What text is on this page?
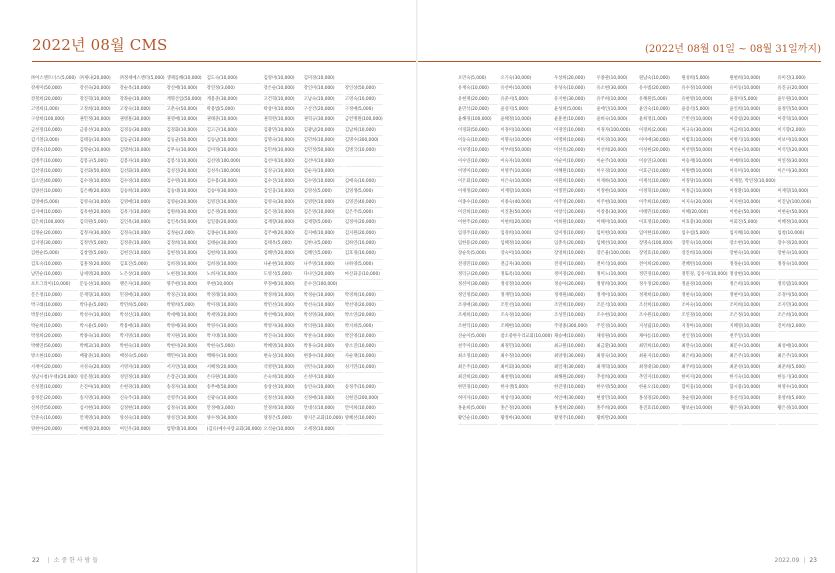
2022년 08월 CMS
㈜이스엔트너스(5,000) ㈜제나(20,000)	㈜정세에스엔터(5,000) 생체를해(10,000)	김도숙(10,000)	김영미(10,000)	김미경(10,000)
강세미(50,000)	강선숙(20,000)	강순옥(10,000)	강신애(10,000)	강연정(3,000)	강은순(10,000)	강인미(10,000)	강인상(50,000)
강철희(20,000)	강진혁(10,000)	강좌순(10,000)	계명산업(50,000)	계용준(30,000)	고건혁(10,000)	고남숙(10,000)	고영숙(10,000)
고영희(1,000)	고정희(10,000)	고창숙(10,000)	고춘숙(50,000)	곽용범(5,000)	곽상미(10,000)	구산건(20,000)	구정애(5,000)
구창희(100,000)	권민정(30,000)	권병훈(30,000)	권영애(10,000)	권태준(10,000)	권혁란(10,000)	권혁규(30,000)	금련병원(100,000)
금선정(10,000)	금중선(10,000)	김경동(30,000)	김경화(10,000)	김고근(10,000)	김광민(10,000)	김광남(20,000)	김남희(10,000)
김기철(3,000)	김태동(10,000)	김동균(10,000)	김동균(50,000)	김동남(10,000)	김명숙(10,000)	김민희(10,000)	김명수(300,000)
김명숙(10,000)	김명순(10,000)	김명희(10,000)	김무숙(10,000)	김미경(10,000)	김민희(10,000)	김민정(50,000)	김병국(10,000)
김병주(10,000)	김봉규(5,000)	김봉자(10,000)	김봉식(10,000)	김선영(100,000)	김선미(10,000)	김선미(10,000)
김선영(10,000)	김선화(50,000)	김선화(10,000)	김성진(20,000)	김성우(100,000)	김성규(10,000)	김순자(10,000)
김소연(40,000)	김수경(10,000)	김수경(10,000)	김수영(10,000)	김수용(30,000)	김수진(10,000)	김수영(10,000)	김애숙(10,000)
김양선(10,000)	김은혜(20,000)	김승희(10,000)	김승대(10,000)	김승미(30,000)	김연웅(10,000)	김영성(5,000)	김영생(5,000)
김영애(5,000)	김영숙(10,000)	김영애(10,000)	김영순(20,000)	김영진(10,000)	김영숙(30,000)	김영란(10,000)	김영진(40,000)
김지애(10,000)	김옥현(20,000)	김옥기(10,000)	김원희(30,000)	김은경(20,000)	김은경(10,000)	김은영(10,000)	김은주(5,000)
김은희(100,000)	김의원(5,000)	김인옥(30,000)	김인옥(50,000)	김일중(20,000)	김재향(30,000)	김재향(5,000)	김정미(20,000)
김정순(20,000)	김정자(30,000)	김정숙(10,000)	김정순(2,000)	김종순(10,000)	김주애(20,000)	김지애(10,000)	김지원(20,000)
김지영(30,000)	김정빈(5,000)	김정분(10,000)	김정희(10,000)	김태순(30,000)	김태옥(5,000)	김한나(5,000)	김하연(10,000)
김현순(5,000)	김창열(5,000)	김현진(10,000)	김현정(10,000)	김현희(10,000)	김혜빈(20,000)	김혜인(5,000)	김호경(10,000)
김호숙(10,000)	김홍정(20,000)	김효진(5,000)	김희경(10,000)	김희경(10,000)	나운현(10,000)	나주영(10,000)	나하영(5,000)
남민순(10,000)	남세영(20,000)	노은상(10,000)	노현철(10,000)	노희자(10,000)	도영석(5,000)	다나인(20,000)	마산화공(10,000)
포트그라이(10,000)	문동선(10,000)	맹은자(10,000)	명주현(10,000)	무현(10,000)	무정애(10,000)	문수진(100,000)
문은정(10,000)	문재형(10,000)	민경애(10,000)	박경근(10,000)	박경래(10,000)	박경희(10,000)	박경순(10,000)	박경희(10,000)
박구례(10,000)	박다윤(5,000)	박민희(5,000)	박명희(5,000)	박미경(10,000)	박민선(10,000)	박선숙(10,000)	박선영(20,000)
박봉선(10,000)	박성수(10,000)	박성신(10,000)	박세배(10,000)	박세영(20,000)	박선배(10,000)	박성영(30,000)	박소연(20,000)
박순희(10,000)	박시윤(5,000)	박용애(10,000)	박영애(30,000)	박영수(10,000)	박영자(30,000)	박의원(10,000)	박지희(5,000)
박정희(20,000)	박종숙(10,000)	박지영(10,000)	박지원(10,000)	박지대(10,000)	박진숙(10,000)	박찬숙(10,000)	박진영(10,000)
박혜연(50,000)	박혜교(10,000)	박현숙(10,000)	박현미(20,000)	박현숙(5,000)	박혜영(10,000)	박홍숙(20,000)	방소진(10,000)
방소현(10,000)	배광준(10,000)	배정숙(5,000)	백민아(10,000)	백해수(10,000)	변숙실(10,000)	변종수(10,000)	사순재(10,000)
서재이(20,000)	서성숙(20,000)	서영자(10,000)	서지연(10,000)	서해정(20,000)	석영란(10,000)	선민숙(10,000)	성기민(10,000)
성남시청(우대)(20,000) 성문철(10,000)	성연정(10,000)	손장근(10,000)	손다원(10,000)	손숙희(10,000)	손성미(10,000)
손성철(10,000)	손진아(10,000)	손현경(10,000)	송경자(10,000)	송무애(50,000)	송상선(10,000)	송연숙(10,000)	송정주(10,000)
송정문(20,000)	송지영(10,000)	신숙주(10,000)	신영주(10,000)	신광숙(10,000)	신정선(10,000)	신정애(10,000)	신현진(200,000)
신희강(50,000)	심서현(10,000)	심정현(10,000)	심정숙(10,000)	안경애(3,000)	안경희(10,000)	안대석(10,000)	안미희(10,000)
안준숙(10,000)	안재영(10,000)	양성숙(10,000)	양성진(10,000)	양수정(30,000)	양정은(5,000)	양지은교회(10,000) 양혜선(10,000)
양현아(20,000)	여혜경(20,000)	여인우(30,000)	엄명대(10,000)	(김유)예수사랑교회(30,000) 오석순(10,000)	오세정(10,000)
22 | 소 중 한 사 람 들
(2022년 08월 01일 ~ 08월 31일까지)
오민숙(5,000)	오기숙(30,000)	우상희(20,000)	우종관(10,000)	원남숙(10,000)	원성희(5,000)	원현희(10,000)	유미진(3,000)
유재숙(10,000)	유선아(10,000)	유성숙(10,000)	유소현(30,000)	유수범(20,000)	유수정(10,000)	유이동(10,000)	유진규(20,000)
유현재(20,000)	유준서(5,000)	유지현(30,000)	유주희(10,000)	유해원(5,000)	유현영(10,000)	윤경미(5,000)	윤두원(10,000)
윤민석(20,000)	윤성지(5,000)	윤성희(5,000)	윤에인(10,000)	윤연숙(10,000)	윤용석(5,000)	윤인희(10,000)	윤정민(50,000)
윤해경(100,000)	윤해정(10,000)	윤훈천(10,000)	윤희숙(10,000)	윤희정(1,000)	은빈선(10,000)	이강섭(20,000)	이강혁(10,000)
이경화(50,000)	이경미(10,000)	이경연(10,000)	이경자(100,000)	이경희(2,000)	이규숙(30,000)	이금희(10,000)	이기향(2,000)
이동숙(10,000)	이명숙(10,000)	이명희(10,000)	이미경(10,000)	이미애(30,000)	이범호(10,000)	이병기(10,000)	이보미(10,000)
이보영(10,000)	이부희(50,000)	이선옥(20,000)	이선희(20,000)	이성현(20,000)	이선영(50,000)	이선순(10,000)	이석연(20,000)
이수연(10,000)	이숙자(10,000)	이순이(10,000)	이순주(10,000)	이승연(3,000)	이승재(10,000)	이애희(10,000)	이연정(30,000)
이영미(10,000)	이영주(10,000)	이혜원(10,000)	이우경(10,000)	이효근(10,000)	이원행(10,000)	이유미(10,000)	이은미(30,000)
이은회(10,000)	이은숙(10,000)	이원희(10,000)	이재하(10,000)	이재석(10,000)	이정당(10,000)	이재철, 박연정(10,000)
이재정(20,000)	이재형(10,000)	이정민(20,000)	이정한(10,000)	이정혁(10,000)	이정금(10,000)	이정환(10,000)	이재형(10,000)
이종수(10,000)	이종숙(40,000)	이주영(20,000)	이주현(10,000)	이주희(10,000)	이지숙(20,000)	이지현(10,000)	이진남(100,000)
이진희(10,000)	이진훈(50,000)	이창식(20,000)	이창용(30,000)	이태민(10,000)	이혜(20,000)	이헌순(50,000)	이현순(50,000)
이현주(20,000)	이현희(20,000)	이희원(10,000)	이해미(10,000)	이효정(10,000)	이효충(30,000)	이회진(5,000)	이혜정(10,000)
임경주(10,000)	임경희(10,000)	임미정(10,000)	임미현(10,000)	임미현(10,000)	임수섭(5,000)	임지혜(10,000)	임청(10,000)
임한용(20,000)	임혜정(10,000)	임춘옥(20,000)	임혜선(10,000)	장명숙(100,000)	장민숙(10,000)	장소현(10,000)	장수경(20,000)
장순옥(5,000)	장숙미(10,000)	장영희(10,000)	장은율(100,000)	장영효(10,000)	장진희(10,000)	장현숙(10,000)	장현숙(10,000)
전경민(10,000)	전금자(30,000)	전경미(10,000)	전미석(10,000)	전이희(20,000)	전혜빈(10,000)	정경순(10,000)	정경숙(10,000)
정덕규(20,000)	정또옥(10,000)	정미경(20,000)	정미노(10,000)	정민경(10,000)	정민경, 김유미(10,000) 정상현(10,000)
정선미(30,000)	정성정(10,000)	정승아(20,000)	정영희(10,000)	정우정(20,000)	정윤경(10,000)	정은희(10,000)	정의엽(10,000)
정인정(50,000)	정재민(10,000)	정재원(40,000)	정재이(10,000)	정재희(10,000)	정현숙(10,000)	정현이(10,000)	조경미(50,000)
조경애(30,000)	조민선(10,000)	조민희(10,000)	조문석(10,000)	조선희(10,000)	조아숙(10,000)	조미희(10,000)	조지민(30,000)
조세희(10,000)	조숙경(10,000)	조성민(10,000)	조수현(10,000)	조수원(10,000)	조연경(10,000)	조은정(10,000)	조은희(10,000)
조현덕(10,000)	조혜현(10,000)	주영종(300,000)	주연경(10,000)	지성림(10,000)	지정아(10,000)	지혜영(10,000)	진미희(2,000)
진순이(5,000)	참소중한우리교회(10,000) 채승애(10,000)	채성원(10,000)	채아름(10,000)	천인정(10,000)	천주일(10,000)
천주미(10,000)	최경민(10,000)	최규원(10,000)	최금환(30,000)	최민희(10,000)	최란숙(10,000)	최문수(10,000)	최성애(10,000)
최소정(10,000)	최수정(10,000)	최양정(30,000)	최영숙(10,000)	최운지(10,000)	최은희(30,000)	최은주(10,000)	최은주(10,000)
최은주(10,000)	최이회(30,000)	최일재(30,000)	최재혁(10,000)	최정대(30,000)	최주희(10,000)	최준성(10,000)	최준희(5,000)
최진희(20,000)	최천병(10,000)	최해원(20,000)	추설희(20,000)	추연지(10,000)	한미지(20,000)	한기숙(10,000)	한동기(30,000)
한민경(10,000)	한사생(5,000)	한진영(10,000)	한우영(50,000)	한운오(10,000)	함미웅(10,000)	함시용(10,000)	허영수(10,000)
허미자(10,000)	허상석(30,000)	허인애(30,000)	현창민(10,000)	홍성경(20,000)	홍순영(20,000)	홍신석(10,000)	홍영희(5,000)
홍윤희(5,000)	홍은정(20,000)	홍정희(20,000)	홍주희(20,000)	홍진효(10,000)	황보순(10,000)	황은경(30,000)	황은경(10,000)
황인순(10,000)	황정아(30,000)	황정주(10,000)	황희란(20,000)
2022.09 | 23
